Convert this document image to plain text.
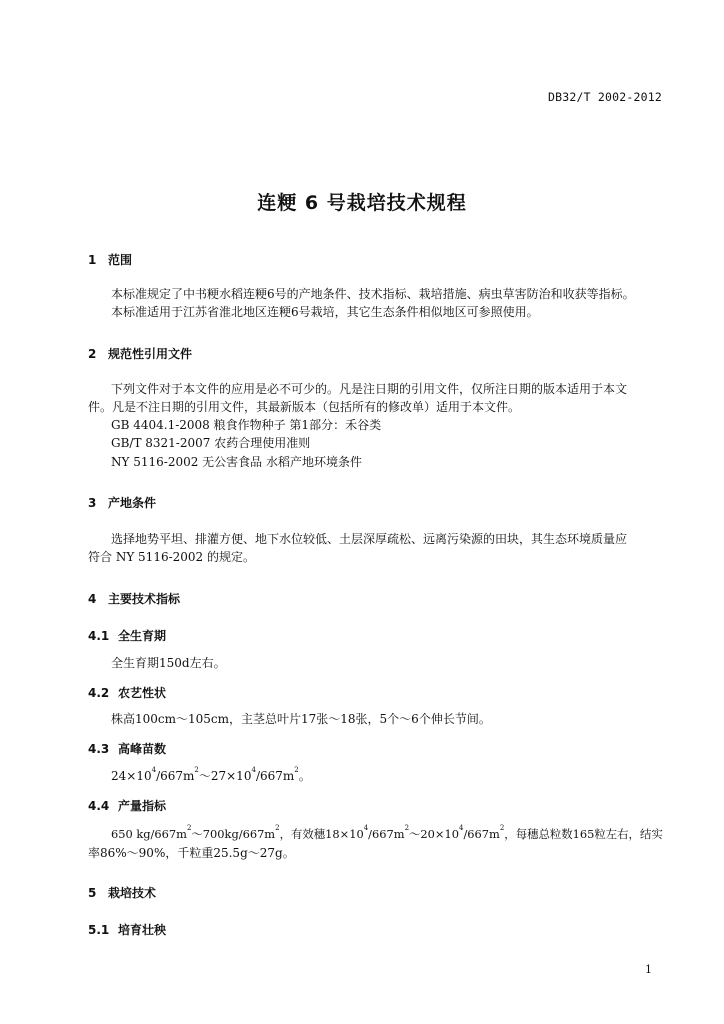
DB32/T 2002-2012
连粳 6 号栽培技术规程
1 范围
本标准规定了中书粳水稻连粳6号的产地条件、技术指标、栽培措施、病虫草害防治和收获等指标。
本标准适用于江苏省淮北地区连粳6号栽培，其它生态条件相似地区可参照使用。
2 规范性引用文件
下列文件对于本文件的应用是必不可少的。凡是注日期的引用文件，仅所注日期的版本适用于本文
件。凡是不注日期的引用文件，其最新版本（包括所有的修改单）适用于本文件。
GB 4404.1-2008 粮食作物种子 第1部分：禾谷类
GB/T 8321-2007 农药合理使用准则
NY 5116-2002 无公害食品 水稻产地环境条件
3 产地条件
选择地势平坦、排灌方便、地下水位较低、土层深厚疏松、远离污染源的田块，其生态环境质量应
符合 NY 5116-2002 的规定。
4 主要技术指标
4.1 全生育期
全生育期150d左右。
4.2 农艺性状
株高100cm～105cm，主茎总叶片17张～18张，5个～6个伸长节间。
4.3 高峰苗数
$24\times 10^4/667m^2\sim 27\times 10^4/667m^2$。
4.4 产量指标
650 $kg/667m^2\sim 700kg/667m^2$，有效穗$18\times 10^4/667m^2\sim 20\times 10^4/667m^2$，每穗总粒数165粒左右，结实
率86%～90%，千粒重25.5g～27g。
5 栽培技术
5.1 培育壮秧
1
